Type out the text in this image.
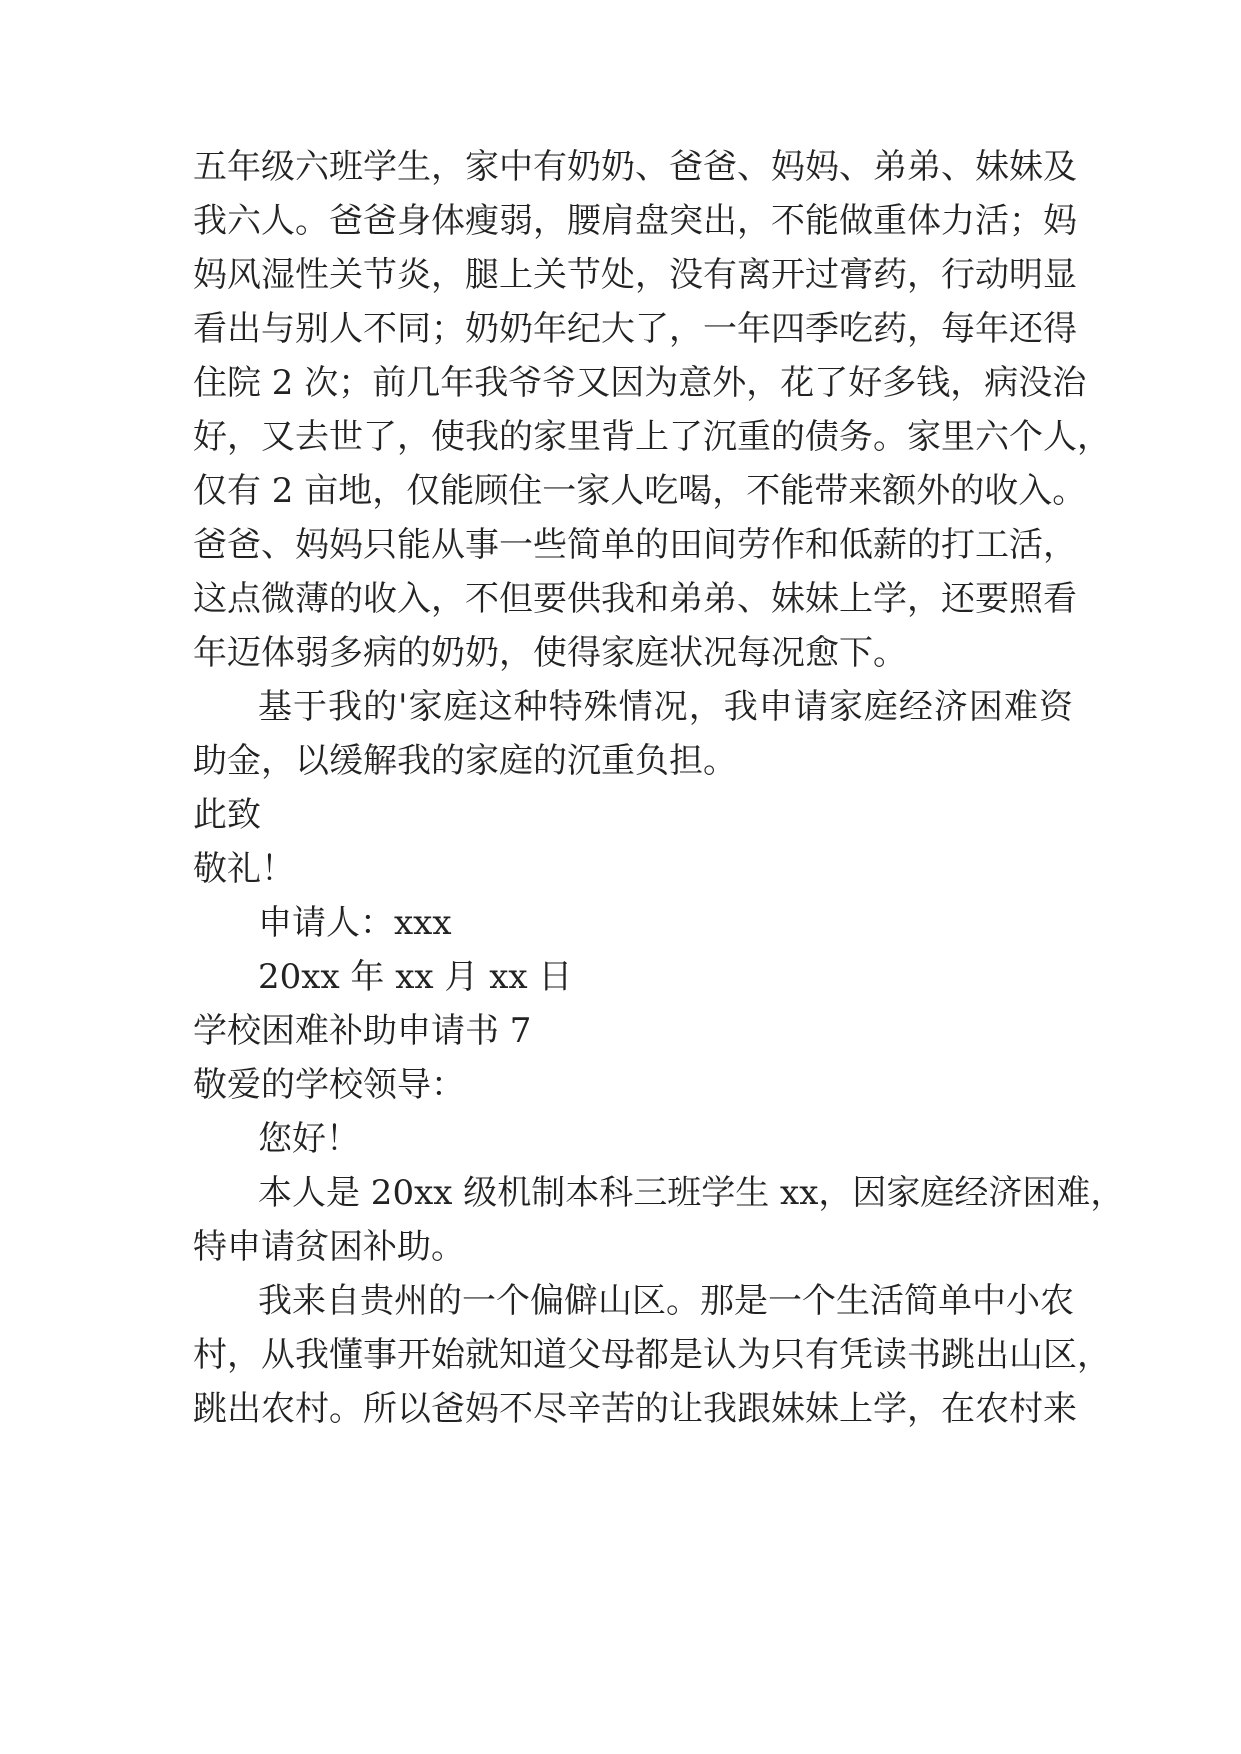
五年级六班学生，家中有奶奶、爸爸、妈妈、弟弟、妹妹及
我六人。爸爸身体瘦弱，腰肩盘突出，不能做重体力活；妈
妈风湿性关节炎，腿上关节处，没有离开过膏药，行动明显
看出与别人不同；奶奶年纪大了，一年四季吃药，每年还得
住院 2 次；前几年我爷爷又因为意外，花了好多钱，病没治
好，又去世了，使我的家里背上了沉重的债务。家里六个人，
仅有 2 亩地，仅能顾住一家人吃喝，不能带来额外的收入。
爸爸、妈妈只能从事一些简单的田间劳作和低薪的打工活，
这点微薄的收入，不但要供我和弟弟、妹妹上学，还要照看
年迈体弱多病的奶奶，使得家庭状况每况愈下。
基于我的'家庭这种特殊情况，我申请家庭经济困难资
助金，以缓解我的家庭的沉重负担。
此致
敬礼！
申请人：xxx
20xx 年 xx 月 xx 日
学校困难补助申请书 7
敬爱的学校领导：
您好！
本人是 20xx 级机制本科三班学生 xx，因家庭经济困难，
特申请贫困补助。
我来自贵州的一个偏僻山区。那是一个生活简单中小农
村，从我懂事开始就知道父母都是认为只有凭读书跳出山区，
跳出农村。所以爸妈不尽辛苦的让我跟妹妹上学，在农村来
